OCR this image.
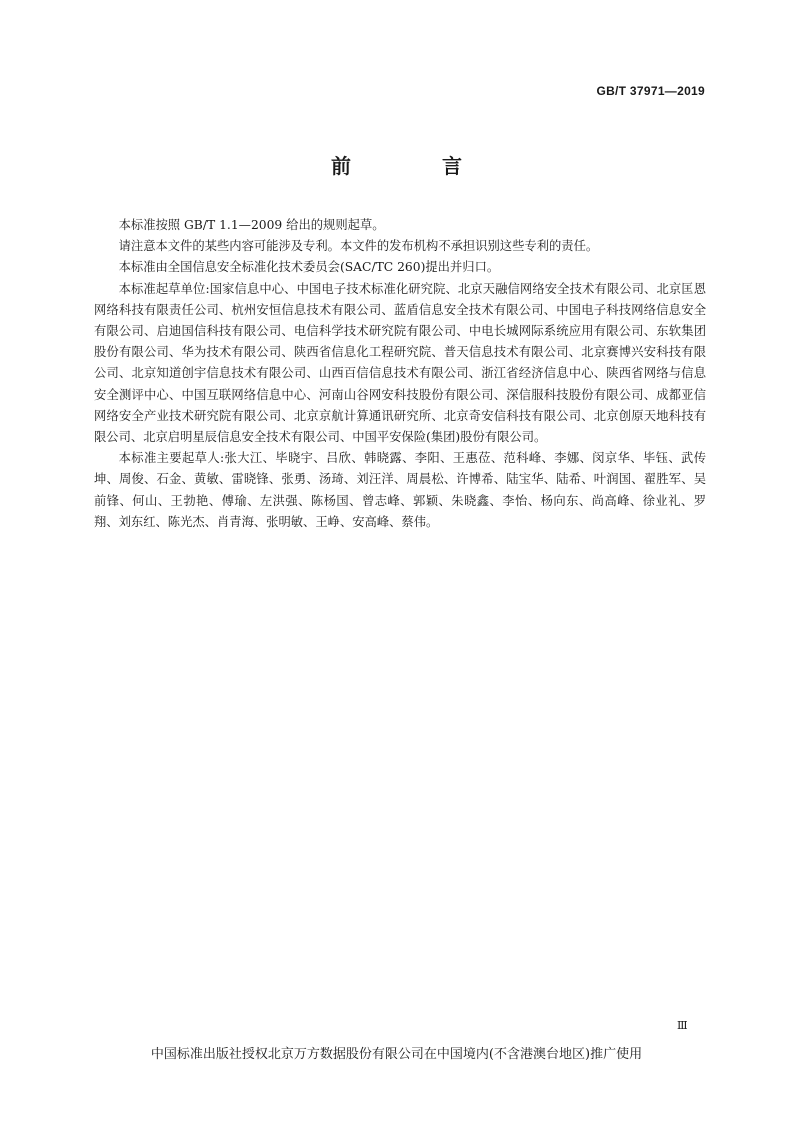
GB/T 37971—2019
前 言

本标准按照 GB/T 1.1—2009 给出的规则起草。

请注意本文件的某些内容可能涉及专利。本文件的发布机构不承担识别这些专利的责任。

本标准由全国信息安全标准化技术委员会(SAC/TC 260)提出并归口。

本标准起草单位:国家信息中心、中国电子技术标准化研究院、北京天融信网络安全技术有限公司、北京匡恩网络科技有限责任公司、杭州安恒信息技术有限公司、蓝盾信息安全技术有限公司、中国电子科技网络信息安全有限公司、启迪国信科技有限公司、电信科学技术研究院有限公司、中电长城网际系统应用有限公司、东软集团股份有限公司、华为技术有限公司、陕西省信息化工程研究院、普天信息技术有限公司、北京赛博兴安科技有限公司、北京知道创宇信息技术有限公司、山西百信信息技术有限公司、浙江省经济信息中心、陕西省网络与信息安全测评中心、中国互联网络信息中心、河南山谷网安科技股份有限公司、深信服科技股份有限公司、成都亚信网络安全产业技术研究院有限公司、北京京航计算通讯研究所、北京奇安信科技有限公司、北京创原天地科技有限公司、北京启明星辰信息安全技术有限公司、中国平安保险(集团)股份有限公司。

本标准主要起草人:张大江、毕晓宇、吕欣、韩晓露、李阳、王惠莅、范科峰、李娜、闵京华、毕钰、武传坤、周俊、石金、黄敏、雷晓锋、张勇、汤琦、刘汪洋、周晨松、许博希、陆宝华、陆希、叶润国、翟胜军、吴前锋、何山、王勃艳、傅瑜、左洪强、陈杨国、曾志峰、郭颖、朱晓鑫、李怡、杨向东、尚高峰、徐业礼、罗翔、刘东红、陈光杰、肖青海、张明敏、王峥、安高峰、蔡伟。

Ⅲ
中国标准出版社授权北京万方数据股份有限公司在中国境内(不含港澳台地区)推广使用
